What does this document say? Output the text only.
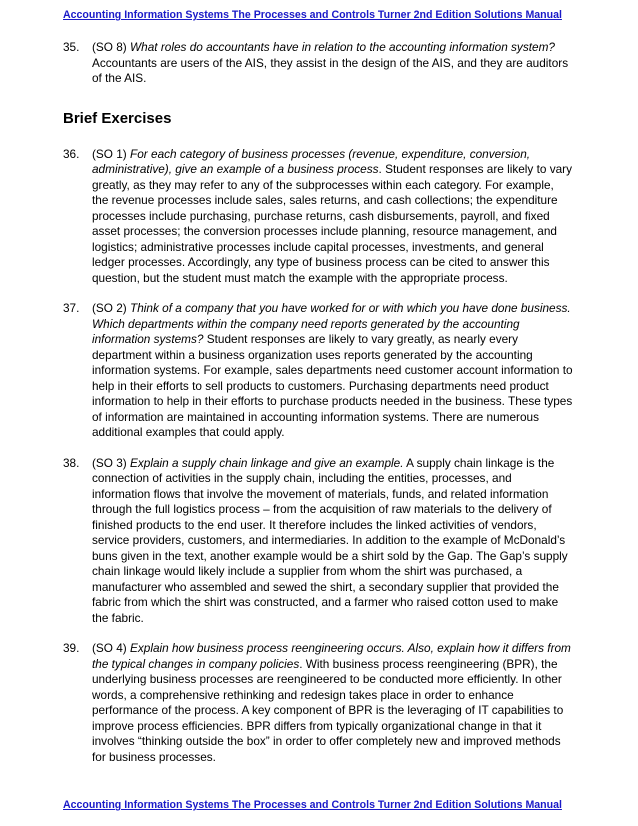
Accounting Information Systems The Processes and Controls Turner 2nd Edition Solutions Manual

35. (SO 8) What roles do accountants have in relation to the accounting information system? Accountants are users of the AIS, they assist in the design of the AIS, and they are auditors of the AIS.

Brief Exercises

36. (SO 1) For each category of business processes (revenue, expenditure, conversion, administrative), give an example of a business process. Student responses are likely to vary greatly, as they may refer to any of the subprocesses within each category. For example, the revenue processes include sales, sales returns, and cash collections; the expenditure processes include purchasing, purchase returns, cash disbursements, payroll, and fixed asset processes; the conversion processes include planning, resource management, and logistics; administrative processes include capital processes, investments, and general ledger processes. Accordingly, any type of business process can be cited to answer this question, but the student must match the example with the appropriate process.

37. (SO 2) Think of a company that you have worked for or with which you have done business. Which departments within the company need reports generated by the accounting information systems? Student responses are likely to vary greatly, as nearly every department within a business organization uses reports generated by the accounting information systems. For example, sales departments need customer account information to help in their efforts to sell products to customers. Purchasing departments need product information to help in their efforts to purchase products needed in the business. These types of information are maintained in accounting information systems. There are numerous additional examples that could apply.

38. (SO 3) Explain a supply chain linkage and give an example. A supply chain linkage is the connection of activities in the supply chain, including the entities, processes, and information flows that involve the movement of materials, funds, and related information through the full logistics process – from the acquisition of raw materials to the delivery of finished products to the end user. It therefore includes the linked activities of vendors, service providers, customers, and intermediaries. In addition to the example of McDonald’s buns given in the text, another example would be a shirt sold by the Gap. The Gap’s supply chain linkage would likely include a supplier from whom the shirt was purchased, a manufacturer who assembled and sewed the shirt, a secondary supplier that provided the fabric from which the shirt was constructed, and a farmer who raised cotton used to make the fabric.

39. (SO 4) Explain how business process reengineering occurs. Also, explain how it differs from the typical changes in company policies. With business process reengineering (BPR), the underlying business processes are reengineered to be conducted more efficiently. In other words, a comprehensive rethinking and redesign takes place in order to enhance performance of the process. A key component of BPR is the leveraging of IT capabilities to improve process efficiencies. BPR differs from typically organizational change in that it involves “thinking outside the box” in order to offer completely new and improved methods for business processes.

Accounting Information Systems The Processes and Controls Turner 2nd Edition Solutions Manual
